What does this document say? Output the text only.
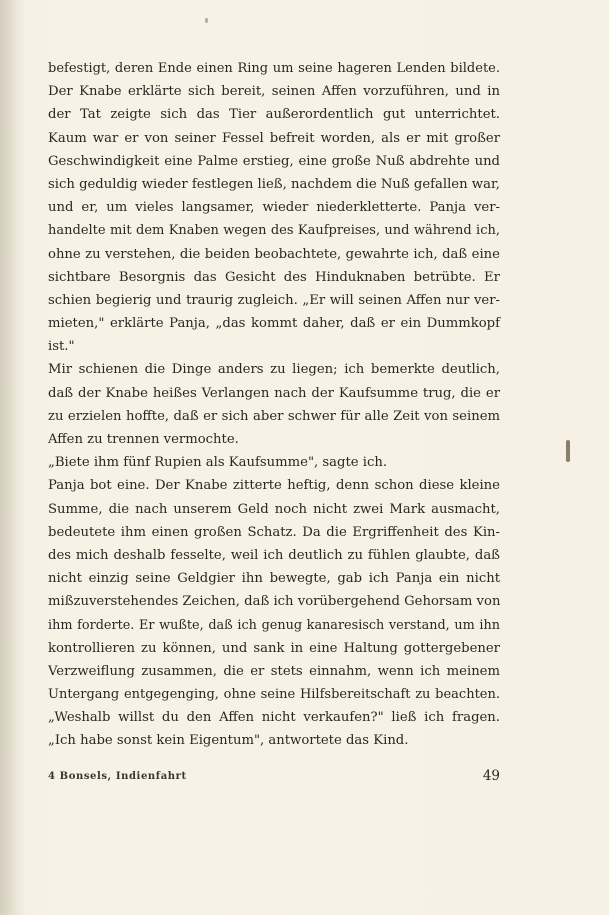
befestigt, deren Ende einen Ring um seine hageren Lenden bildete.
Der Knabe erklärte sich bereit, seinen Affen vorzuführen, und in
der Tat zeigte sich das Tier außerordentlich gut unterrichtet.
Kaum war er von seiner Fessel befreit worden, als er mit großer
Geschwindigkeit eine Palme erstieg, eine große Nuß abdrehte und
sich geduldig wieder festlegen ließ, nachdem die Nuß gefallen war,
und er, um vieles langsamer, wieder niederkletterte. Panja ver-
handelte mit dem Knaben wegen des Kaufpreises, und während ich,
ohne zu verstehen, die beiden beobachtete, gewahrte ich, daß eine
sichtbare Besorgnis das Gesicht des Hinduknaben betrübte. Er
schien begierig und traurig zugleich. „Er will seinen Affen nur ver-
mieten," erklärte Panja, „das kommt daher, daß er ein Dummkopf
ist."
Mir schienen die Dinge anders zu liegen; ich bemerkte deutlich,
daß der Knabe heißes Verlangen nach der Kaufsumme trug, die er
zu erzielen hoffte, daß er sich aber schwer für alle Zeit von seinem
Affen zu trennen vermochte.
„Biete ihm fünf Rupien als Kaufsumme", sagte ich.
Panja bot eine. Der Knabe zitterte heftig, denn schon diese kleine
Summe, die nach unserem Geld noch nicht zwei Mark ausmacht,
bedeutete ihm einen großen Schatz. Da die Ergriffenheit des Kin-
des mich deshalb fesselte, weil ich deutlich zu fühlen glaubte, daß
nicht einzig seine Geldgier ihn bewegte, gab ich Panja ein nicht
mißzuverstehendes Zeichen, daß ich vorübergehend Gehorsam von
ihm forderte. Er wußte, daß ich genug kanaresisch verstand, um ihn
kontrollieren zu können, und sank in eine Haltung gottergebener
Verzweiflung zusammen, die er stets einnahm, wenn ich meinem
Untergang entgegenging, ohne seine Hilfsbereitschaft zu beachten.
„Weshalb willst du den Affen nicht verkaufen?" ließ ich fragen.
„Ich habe sonst kein Eigentum", antwortete das Kind.
4 Bonsels, Indienfahrt	49
